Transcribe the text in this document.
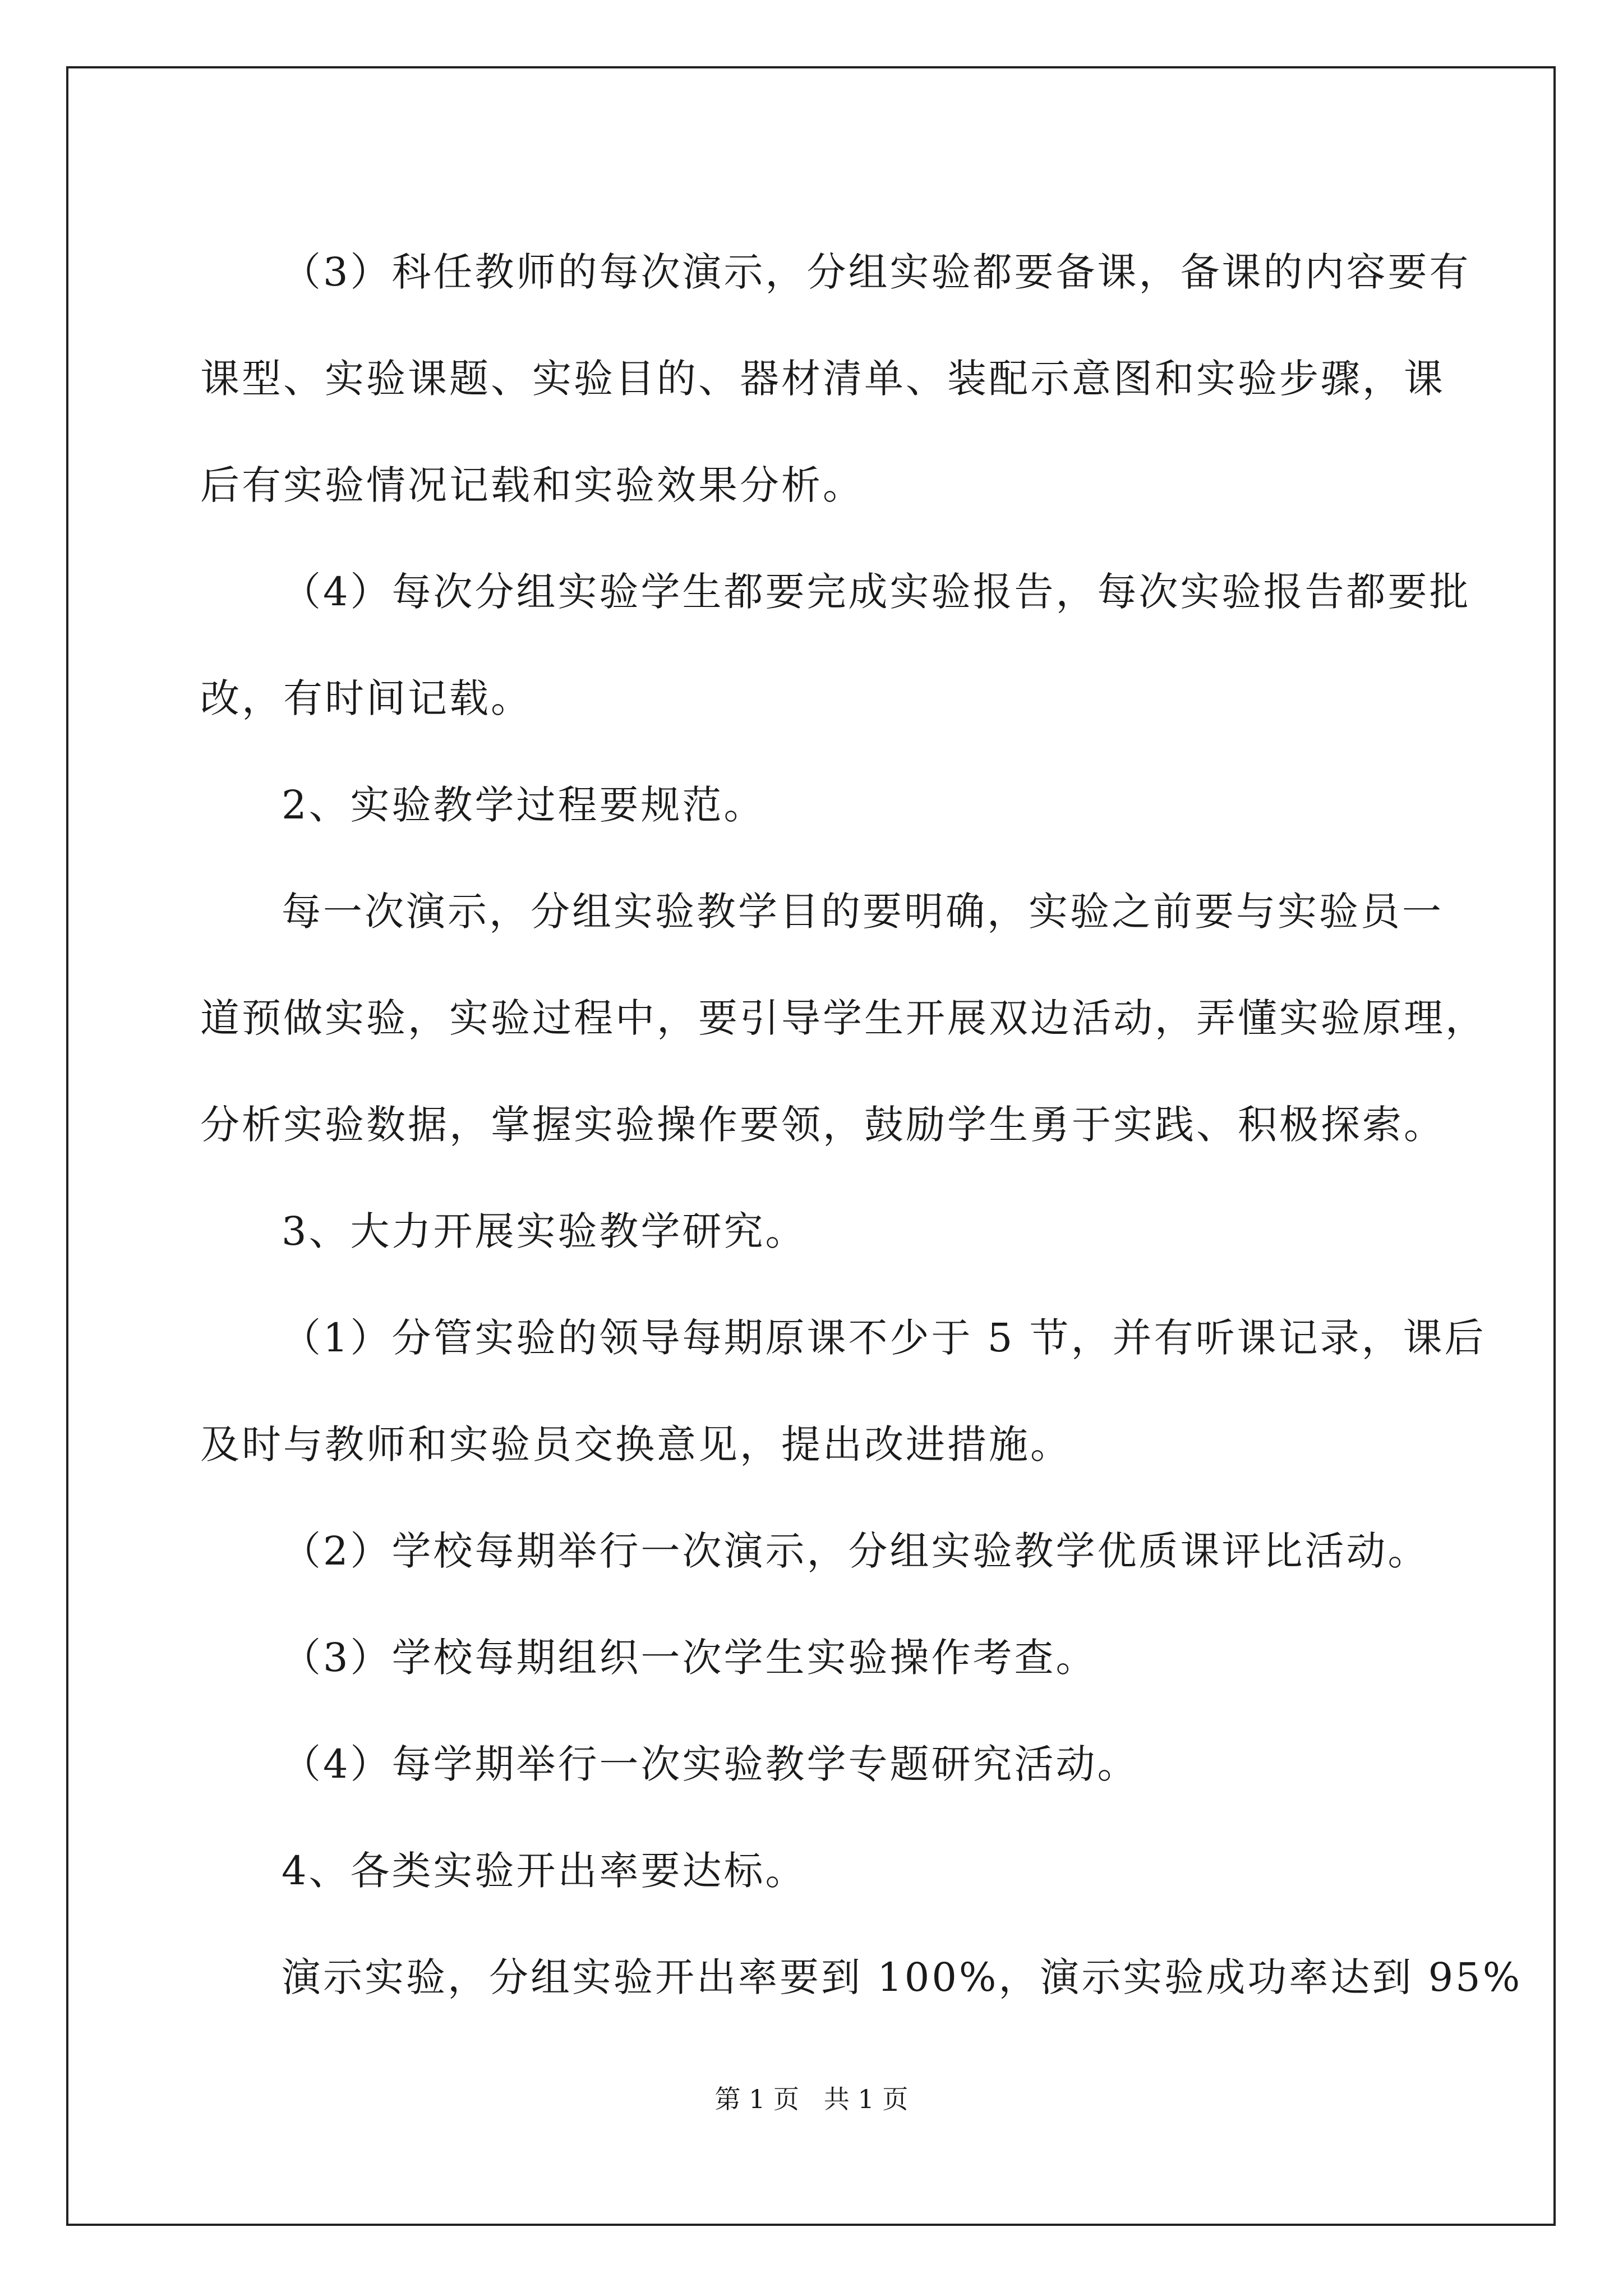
（3）科任教师的每次演示，分组实验都要备课，备课的内容要有
课型、实验课题、实验目的、器材清单、装配示意图和实验步骤，课
后有实验情况记载和实验效果分析。
（4）每次分组实验学生都要完成实验报告，每次实验报告都要批
改，有时间记载。
2、实验教学过程要规范。
每一次演示，分组实验教学目的要明确，实验之前要与实验员一
道预做实验，实验过程中，要引导学生开展双边活动，弄懂实验原理，
分析实验数据，掌握实验操作要领，鼓励学生勇于实践、积极探索。
3、大力开展实验教学研究。
（1）分管实验的领导每期原课不少于 5 节，并有听课记录，课后
及时与教师和实验员交换意见，提出改进措施。
（2）学校每期举行一次演示，分组实验教学优质课评比活动。
（3）学校每期组织一次学生实验操作考查。
（4）每学期举行一次实验教学专题研究活动。
4、各类实验开出率要达标。
演示实验，分组实验开出率要到 100%，演示实验成功率达到 95%
第 1 页   共 1 页
